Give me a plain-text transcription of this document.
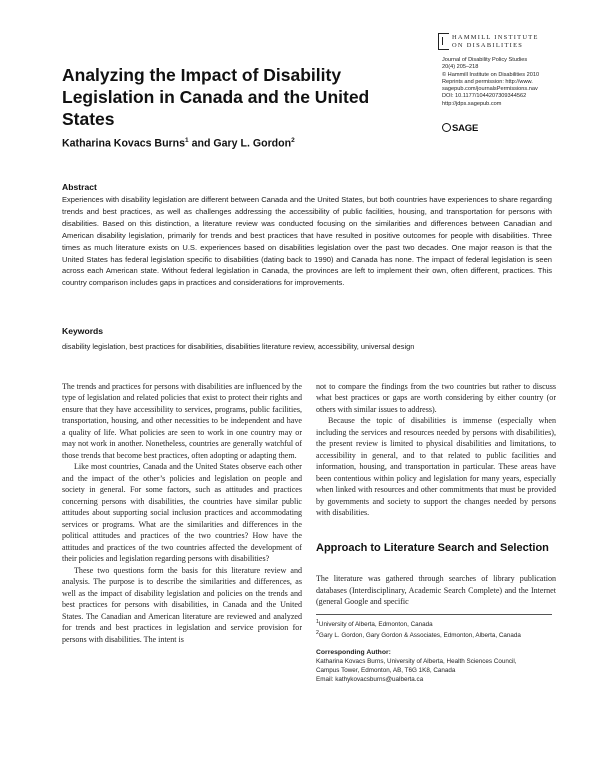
HAMMILL INSTITUTE
ON DISABILITIES
Journal of Disability Policy Studies
20(4) 205–218
© Hammill Institute on Disabilities 2010
Reprints and permission: http://www.
sagepub.com/journalsPermissions.nav
DOI: 10.1177/1044207309344562
http://jdps.sagepub.com
SAGE
Analyzing the Impact of Disability Legislation in Canada and the United States
Katharina Kovacs Burns$^1$ and Gary L. Gordon$^2$
Abstract

Experiences with disability legislation are different between Canada and the United States, but both countries have experiences to share regarding trends and best practices, as well as challenges addressing the accessibility of public facilities, housing, and transportation for persons with disabilities. Based on this distinction, a literature review was conducted focusing on the similarities and differences between Canadian and American disability legislation, primarily for trends and best practices that have resulted in positive outcomes for people with disabilities. Three times as much literature exists on U.S. experiences based on disabilities legislation over the past two decades. One major reason is that the United States has federal legislation specific to disabilities (dating back to 1990) and Canada has none. The impact of federal legislation is seen across each American state. Without federal legislation in Canada, the provinces are left to implement their own, often different, practices. This country comparison includes gaps in practices and considerations for improvements.

Keywords

disability legislation, best practices for disabilities, disabilities literature review, accessibility, universal design

The trends and practices for persons with disabilities are influenced by the type of legislation and related policies that exist to protect their rights and ensure that they have accessibility to services, programs, public facilities, transportation, housing, and other necessities to be independent and have a quality of life. What policies are seen to work in one country may or may not work in another. Nonetheless, countries are generally watchful of those trends that become best practices, often adopting or adapting them.

Like most countries, Canada and the United States observe each other and the impact of the other’s policies and legislation on people and society in general. For some factors, such as attitudes and practices concerning persons with disabilities, the countries have similar public attitudes about supporting social inclusion practices and accommodating services or programs. What are the similarities and differences in the political attitudes and practices of the two countries? How have the attitudes and practices of the two countries affected the development of their policies and legislation regarding persons with disabilities?

These two questions form the basis for this literature review and analysis. The purpose is to describe the similarities and differences, as well as the impact of disability legislation and policies on the trends and best practices for persons with disabilities, in Canada and the United States. The Canadian and American literature are reviewed and analyzed for trends and best practices in legislation and service provision for persons with disabilities. The intent is

not to compare the findings from the two countries but rather to discuss what best practices or gaps are worth considering by either country (or others with similar issues to address).

Because the topic of disabilities is immense (especially when including the services and resources needed by persons with disabilities), the present review is limited to physical disabilities and limitations, to accessibility in general, and to that related to public facilities and information, housing, and transportation in particular. These areas have been contentious within policy and legislation for many years, especially when linked with resources and other commitments that must be provided by governments and society to support the changes needed by persons with disabilities.

Approach to Literature Search and Selection

The literature was gathered through searches of library publication databases (Interdisciplinary, Academic Search Complete) and the Internet (general Google and specific

$^1$University of Alberta, Edmonton, Canada
$^2$Gary L. Gordon, Gary Gordon & Associates, Edmonton, Alberta, Canada
Corresponding Author:
Katharina Kovacs Burns, University of Alberta, Health Sciences Council,
Campus Tower, Edmonton, AB, T6G 1K8, Canada
Email: kathykovacsburns@ualberta.ca
